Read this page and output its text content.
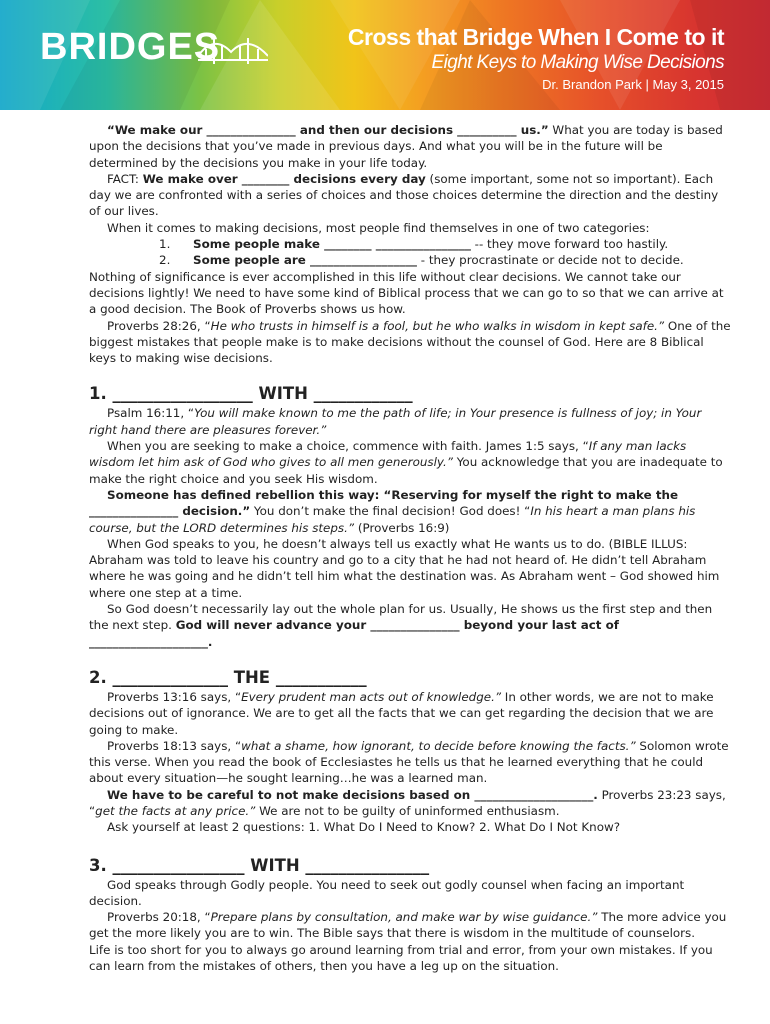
BRIDGES	Cross that Bridge When I Come to it
Eight Keys to Making Wise Decisions
Dr. Brandon Park | May 3, 2015

“We make our _______________ and then our decisions __________ us.” What you are today is based upon the decisions that you’ve made in previous days. And what you will be in the future will be determined by the decisions you make in your life today.

FACT: We make over ________ decisions every day (some important, some not so important). Each day we are confronted with a series of choices and those choices determine the direction and the destiny of our lives.

When it comes to making decisions, most people find themselves in one of two categories:

1. Some people make ________ ________________ -- they move forward too hastily.

2. Some people are __________________ - they procrastinate or decide not to decide.

Nothing of significance is ever accomplished in this life without clear decisions. We cannot take our decisions lightly! We need to have some kind of Biblical process that we can go to so that we can arrive at a good decision. The Book of Proverbs shows us how.

Proverbs 28:26, “He who trusts in himself is a fool, but he who walks in wisdom in kept safe.” One of the biggest mistakes that people make is to make decisions without the counsel of God. Here are 8 Biblical keys to making wise decisions.

1. _________________ WITH ____________

Psalm 16:11, “You will make known to me the path of life; in Your presence is fullness of joy; in Your right hand there are pleasures forever.”

When you are seeking to make a choice, commence with faith. James 1:5 says, “If any man lacks wisdom let him ask of God who gives to all men generously.” You acknowledge that you are inadequate to make the right choice and you seek His wisdom.

Someone has defined rebellion this way: “Reserving for myself the right to make the _______________ decision.” You don’t make the final decision! God does! “In his heart a man plans his course, but the LORD determines his steps.” (Proverbs 16:9)

When God speaks to you, he doesn’t always tell us exactly what He wants us to do. (BIBLE ILLUS: Abraham was told to leave his country and go to a city that he had not heard of. He didn’t tell Abraham where he was going and he didn’t tell him what the destination was. As Abraham went – God showed him where one step at a time.

So God doesn’t necessarily lay out the whole plan for us. Usually, He shows us the first step and then the next step. God will never advance your _______________ beyond your last act of ____________________.

2. ______________ THE ___________

Proverbs 13:16 says, “Every prudent man acts out of knowledge.” In other words, we are not to make decisions out of ignorance. We are to get all the facts that we can get regarding the decision that we are going to make.

Proverbs 18:13 says, “what a shame, how ignorant, to decide before knowing the facts.” Solomon wrote this verse. When you read the book of Ecclesiastes he tells us that he learned everything that he could about every situation—he sought learning…he was a learned man.

We have to be careful to not make decisions based on ____________________. Proverbs 23:23 says, “get the facts at any price.” We are not to be guilty of uninformed enthusiasm.

Ask yourself at least 2 questions: 1. What Do I Need to Know? 2. What Do I Not Know?

3. ________________ WITH _______________

God speaks through Godly people. You need to seek out godly counsel when facing an important decision.

Proverbs 20:18, “Prepare plans by consultation, and make war by wise guidance.” The more advice you get the more likely you are to win. The Bible says that there is wisdom in the multitude of counselors.

Life is too short for you to always go around learning from trial and error, from your own mistakes. If you can learn from the mistakes of others, then you have a leg up on the situation.
